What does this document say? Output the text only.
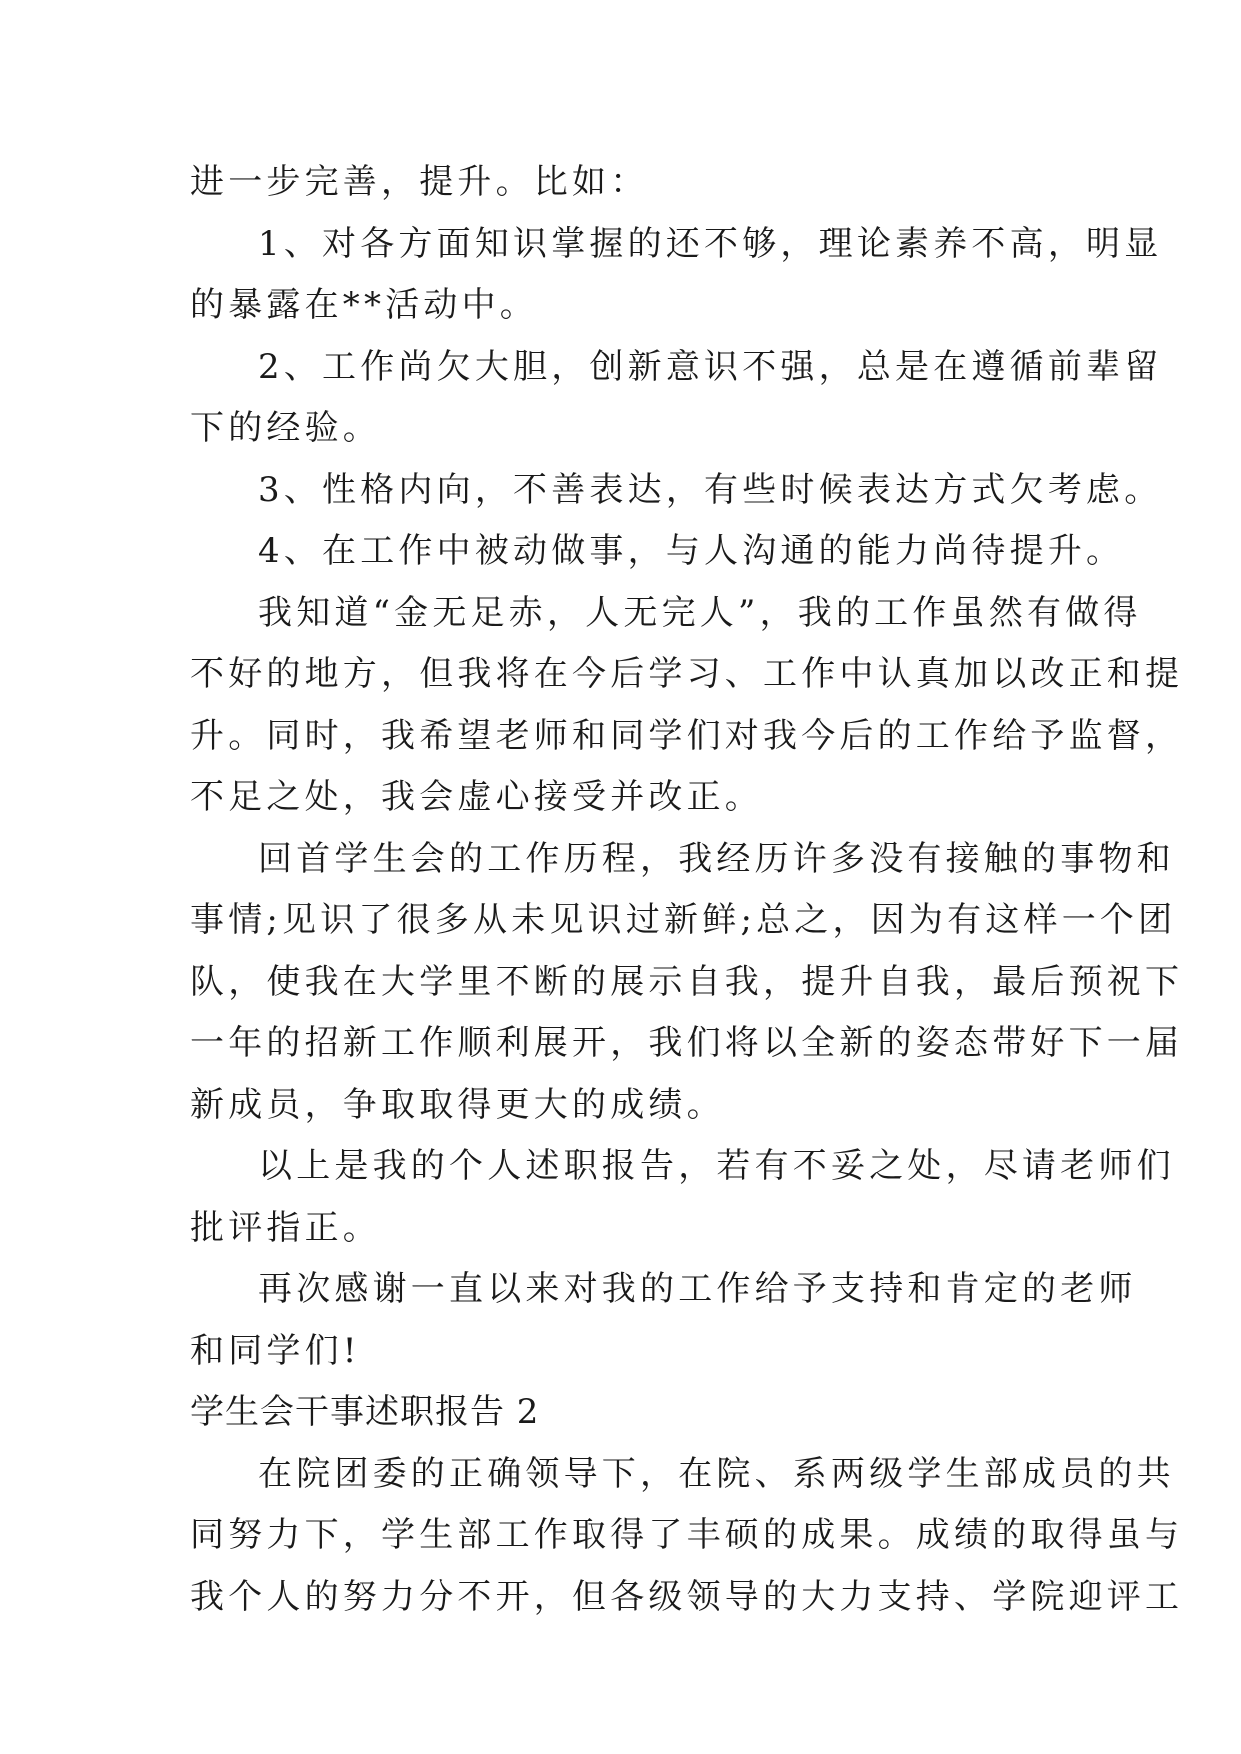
进一步完善，提升。比如：

1、对各方面知识掌握的还不够，理论素养不高，明显

的暴露在**活动中。

2、工作尚欠大胆，创新意识不强，总是在遵循前辈留

下的经验。

3、性格内向，不善表达，有些时候表达方式欠考虑。

4、在工作中被动做事，与人沟通的能力尚待提升。

我知道“金无足赤，人无完人”，我的工作虽然有做得

不好的地方，但我将在今后学习、工作中认真加以改正和提

升。同时，我希望老师和同学们对我今后的工作给予监督，

不足之处，我会虚心接受并改正。

回首学生会的工作历程，我经历许多没有接触的事物和

事情;见识了很多从未见识过新鲜;总之，因为有这样一个团

队，使我在大学里不断的展示自我，提升自我，最后预祝下

一年的招新工作顺利展开，我们将以全新的姿态带好下一届

新成员，争取取得更大的成绩。

以上是我的个人述职报告，若有不妥之处，尽请老师们

批评指正。

再次感谢一直以来对我的工作给予支持和肯定的老师

和同学们!

学生会干事述职报告 2

在院团委的正确领导下，在院、系两级学生部成员的共

同努力下，学生部工作取得了丰硕的成果。成绩的取得虽与

我个人的努力分不开，但各级领导的大力支持、学院迎评工
